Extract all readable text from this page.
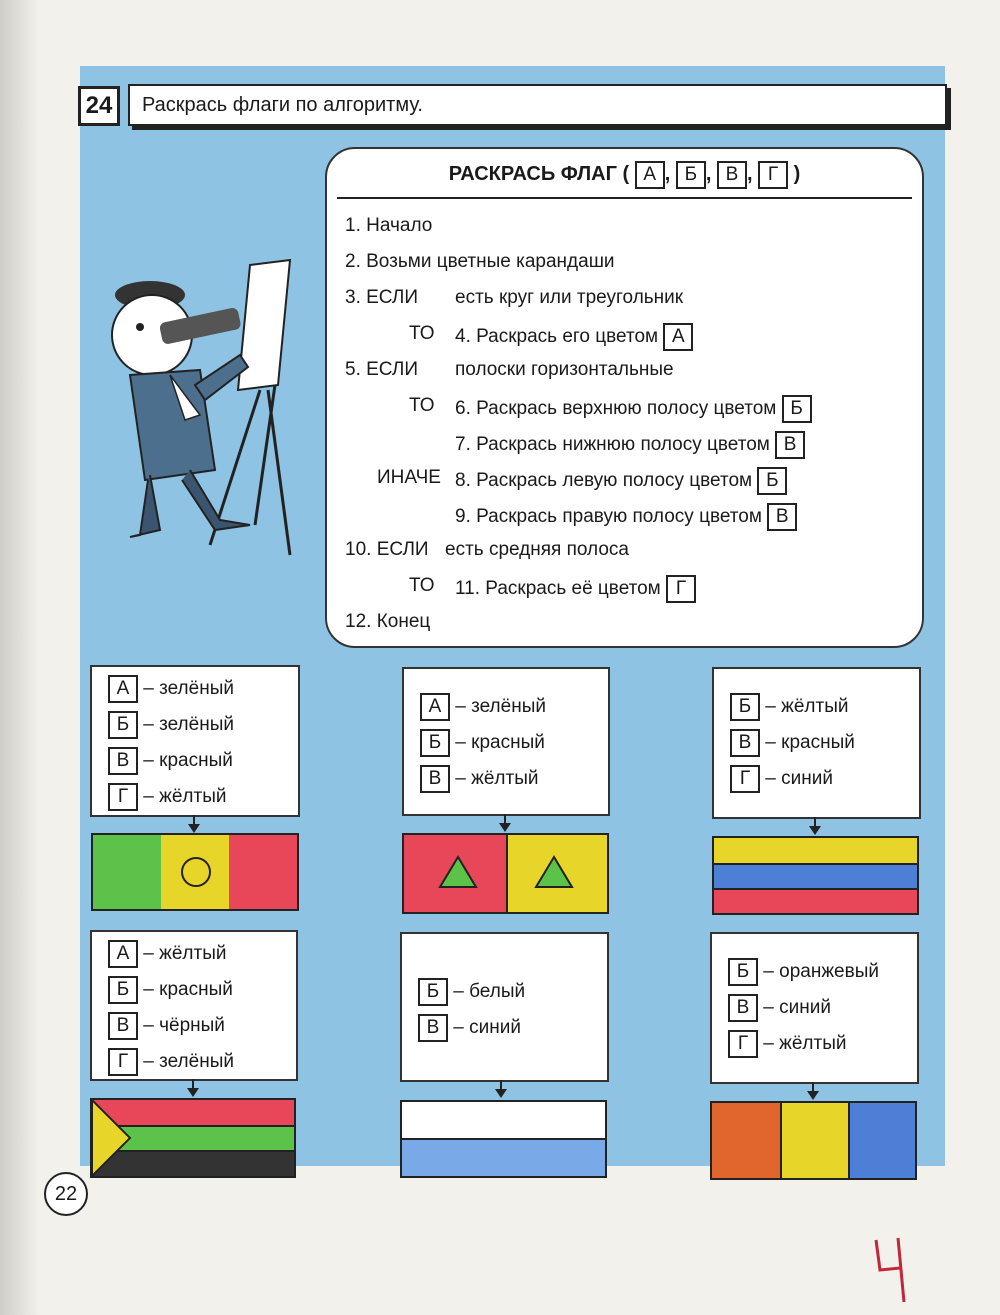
24	Раскрась флаги по алгоритму.
РАСКРАСЬ ФЛАГ ( А , Б , В , Г )
1. Начало
2. Возьми цветные карандаши
3. ЕСЛИ есть круг или треугольник
ТО 4. Раскрась его цветом А
5. ЕСЛИ полоски горизонтальные
ТО 6. Раскрась верхнюю полосу цветом Б
7. Раскрась нижнюю полосу цветом В
ИНАЧЕ 8. Раскрась левую полосу цветом Б
9. Раскрась правую полосу цветом В
10. ЕСЛИ есть средняя полоса
ТО 11. Раскрась её цветом Г
12. Конец
А – зелёный
Б – зелёный
В – красный
Г – жёлтый
А – зелёный
Б – красный
В – жёлтый
Б – жёлтый
В – красный
Г – синий
А – жёлтый
Б – красный
В – чёрный
Г – зелёный
Б – белый
В – синий
Б – оранжевый
В – синий
Г – жёлтый
22
